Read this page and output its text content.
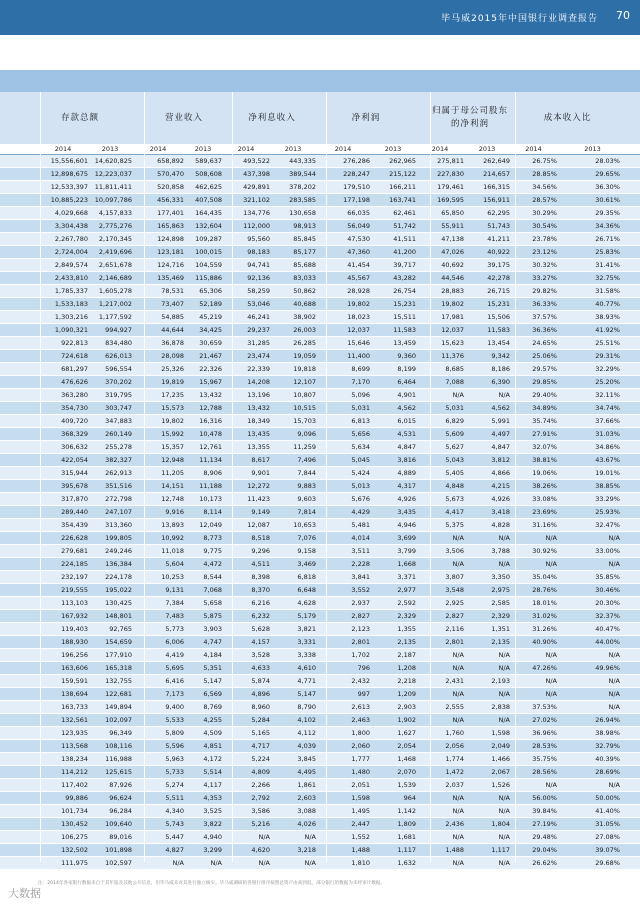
毕马威2015年中国银行业调查报告 70
存款总额	营业收入	净利息收入	净利润
归属于母公司股东的净利润
成本收入比
2014	2013	2014	2013	2014	2013	2014	2013	2014	2013	2014	2013
15,556,601	14,620,825	658,892	589,637	493,522	443,335	276,286	262,965	275,811	262,649	26.75%	28.03%
12,898,675	12,223,037	570,470	508,608	437,398	389,544	228,247	215,122	227,830	214,657	28.85%	29.65%
12,533,397	11,811,411	520,858	462,625	429,891	378,202	179,510	166,211	179,461	166,315	34.56%	36.30%
10,885,223	10,097,786	456,331	407,508	321,102	283,585	177,198	163,741	169,595	156,911	28.57%	30.61%
4,029,668	4,157,833	177,401	164,435	134,776	130,658	66,035	62,461	65,850	62,295	30.29%	29.35%
3,304,438	2,775,276	165,863	132,604	112,000	98,913	56,049	51,742	55,911	51,743	30.54%	34.36%
2,267,780	2,170,345	124,898	109,287	95,560	85,845	47,530	41,511	47,138	41,211	23.78%	26.71%
2,724,004	2,419,696	123,181	100,015	98,183	85,177	47,360	41,200	47,026	40,922	23.12%	25.83%
2,849,574	2,651,678	124,716	104,559	94,741	85,688	41,454	39,717	40,692	39,175	30.32%	31.41%
2,433,810	2,146,689	135,469	115,886	92,136	83,033	45,567	43,282	44,546	42,278	33.27%	32.75%
1,785,337	1,605,278	78,531	65,306	58,259	50,862	28,928	26,754	28,883	26,715	29.82%	31.58%
1,533,183	1,217,002	73,407	52,189	53,046	40,688	19,802	15,231	19,802	15,231	36.33%	40.77%
1,303,216	1,177,592	54,885	45,219	46,241	38,902	18,023	15,511	17,981	15,506	37.57%	38.93%
1,090,321	994,927	44,644	34,425	29,237	26,003	12,037	11,583	12,037	11,583	36.36%	41.92%
922,813	834,480	36,878	30,659	31,285	26,285	15,646	13,459	15,623	13,454	24.65%	25.51%
724,618	626,013	28,098	21,467	23,474	19,059	11,400	9,360	11,376	9,342	25.06%	29.31%
681,297	596,554	25,326	22,326	22,339	19,818	8,699	8,199	8,685	8,186	29.57%	32.29%
476,626	370,202	19,819	15,967	14,208	12,107	7,170	6,464	7,088	6,390	29.85%	25.20%
363,280	319,795	17,235	13,432	13,196	10,807	5,096	4,901	N/A	N/A	29.40%	32.11%
354,730	303,747	15,573	12,788	13,432	10,515	5,031	4,562	5,031	4,562	34.89%	34.74%
409,720	347,883	19,802	16,316	18,349	15,703	6,813	6,015	6,829	5,991	35.74%	37.66%
368,329	260,149	15,992	10,478	13,435	9,096	5,656	4,531	5,609	4,497	27.91%	31.03%
306,632	255,278	15,357	12,761	13,355	11,259	5,634	4,847	5,627	4,847	32.07%	34.86%
422,054	382,327	12,948	11,134	8,617	7,496	5,045	3,816	5,043	3,812	38.81%	43.67%
315,944	262,913	11,205	8,906	9,901	7,844	5,424	4,889	5,405	4,866	19.06%	19.01%
395,678	351,516	14,151	11,188	12,272	9,883	5,013	4,317	4,848	4,215	38.26%	38.85%
317,870	272,798	12,748	10,173	11,423	9,603	5,676	4,926	5,673	4,926	33.08%	33.29%
289,440	247,107	9,916	8,114	9,149	7,814	4,429	3,435	4,417	3,418	23.69%	25.93%
354,439	313,360	13,893	12,049	12,087	10,653	5,481	4,946	5,375	4,828	31.16%	32.47%
226,628	199,805	10,992	8,773	8,518	7,076	4,014	3,699	N/A	N/A	N/A	N/A
279,681	249,246	11,018	9,775	9,296	9,158	3,511	3,799	3,506	3,788	30.92%	33.00%
224,185	136,384	5,604	4,472	4,511	3,469	2,228	1,668	N/A	N/A	N/A	N/A
232,197	224,178	10,253	8,544	8,398	6,818	3,841	3,371	3,807	3,350	35.04%	35.85%
219,555	195,022	9,131	7,068	8,370	6,648	3,552	2,977	3,548	2,975	28.76%	30.46%
113,103	130,425	7,384	5,658	6,216	4,628	2,937	2,592	2,925	2,585	18.01%	20.30%
167,932	148,801	7,483	5,875	6,232	5,179	2,827	2,329	2,827	2,329	31.02%	32.37%
119,403	92,765	5,773	3,903	5,628	3,821	2,123	1,355	2,116	1,351	31.26%	40.47%
188,930	154,659	6,006	4,747	4,157	3,331	2,801	2,135	2,801	2,135	40.90%	44.00%
196,256	177,910	4,419	4,184	3,528	3,338	1,702	2,187	N/A	N/A	N/A	N/A
163,606	165,318	5,695	5,351	4,633	4,610	796	1,208	N/A	N/A	47.26%	49.96%
159,591	132,755	6,416	5,147	5,874	4,771	2,432	2,218	2,431	2,193	N/A	N/A
138,694	122,681	7,173	6,569	4,896	5,147	997	1,209	N/A	N/A	N/A	N/A
163,733	149,894	9,400	8,769	8,960	8,790	2,613	2,903	2,555	2,838	37.53%	N/A
132,561	102,097	5,533	4,255	5,284	4,102	2,463	1,902	N/A	N/A	27.02%	26.94%
123,935	96,349	5,809	4,509	5,165	4,112	1,800	1,627	1,760	1,598	36.96%	38.98%
113,568	108,116	5,596	4,851	4,717	4,039	2,060	2,054	2,056	2,049	28.53%	32.79%
138,234	116,988	5,963	4,172	5,224	3,845	1,777	1,468	1,774	1,466	35.75%	40.39%
114,212	125,615	5,733	5,514	4,809	4,495	1,480	2,070	1,472	2,067	28.56%	28.69%
117,402	87,926	5,274	4,117	2,266	1,861	2,051	1,539	2,037	1,526	N/A	N/A
99,886	96,624	5,511	4,353	2,792	2,603	1,598	964	N/A	N/A	56.00%	50.00%
101,734	96,284	4,340	3,525	3,586	3,088	1,495	1,142	N/A	N/A	39.84%	41.40%
130,452	109,640	5,743	3,822	5,216	4,026	2,447	1,809	2,436	1,804	27.19%	31.05%
106,275	89,016	5,447	4,940	N/A	N/A	1,552	1,681	N/A	N/A	29.48%	27.08%
132,502	101,898	4,827	3,299	4,620	3,218	1,488	1,117	1,488	1,117	29.04%	39.07%
111,975	102,597	N/A	N/A	N/A	N/A	1,810	1,632	N/A	N/A	26.62%	29.68%
注：2014年各家银行数据来自于其年报及其他公开信息，但毕马威未对其进行独立核实。毕马威调研的各银行排序按照总资产由高到低，部分银行的数据为未经审计数据。
大数据
